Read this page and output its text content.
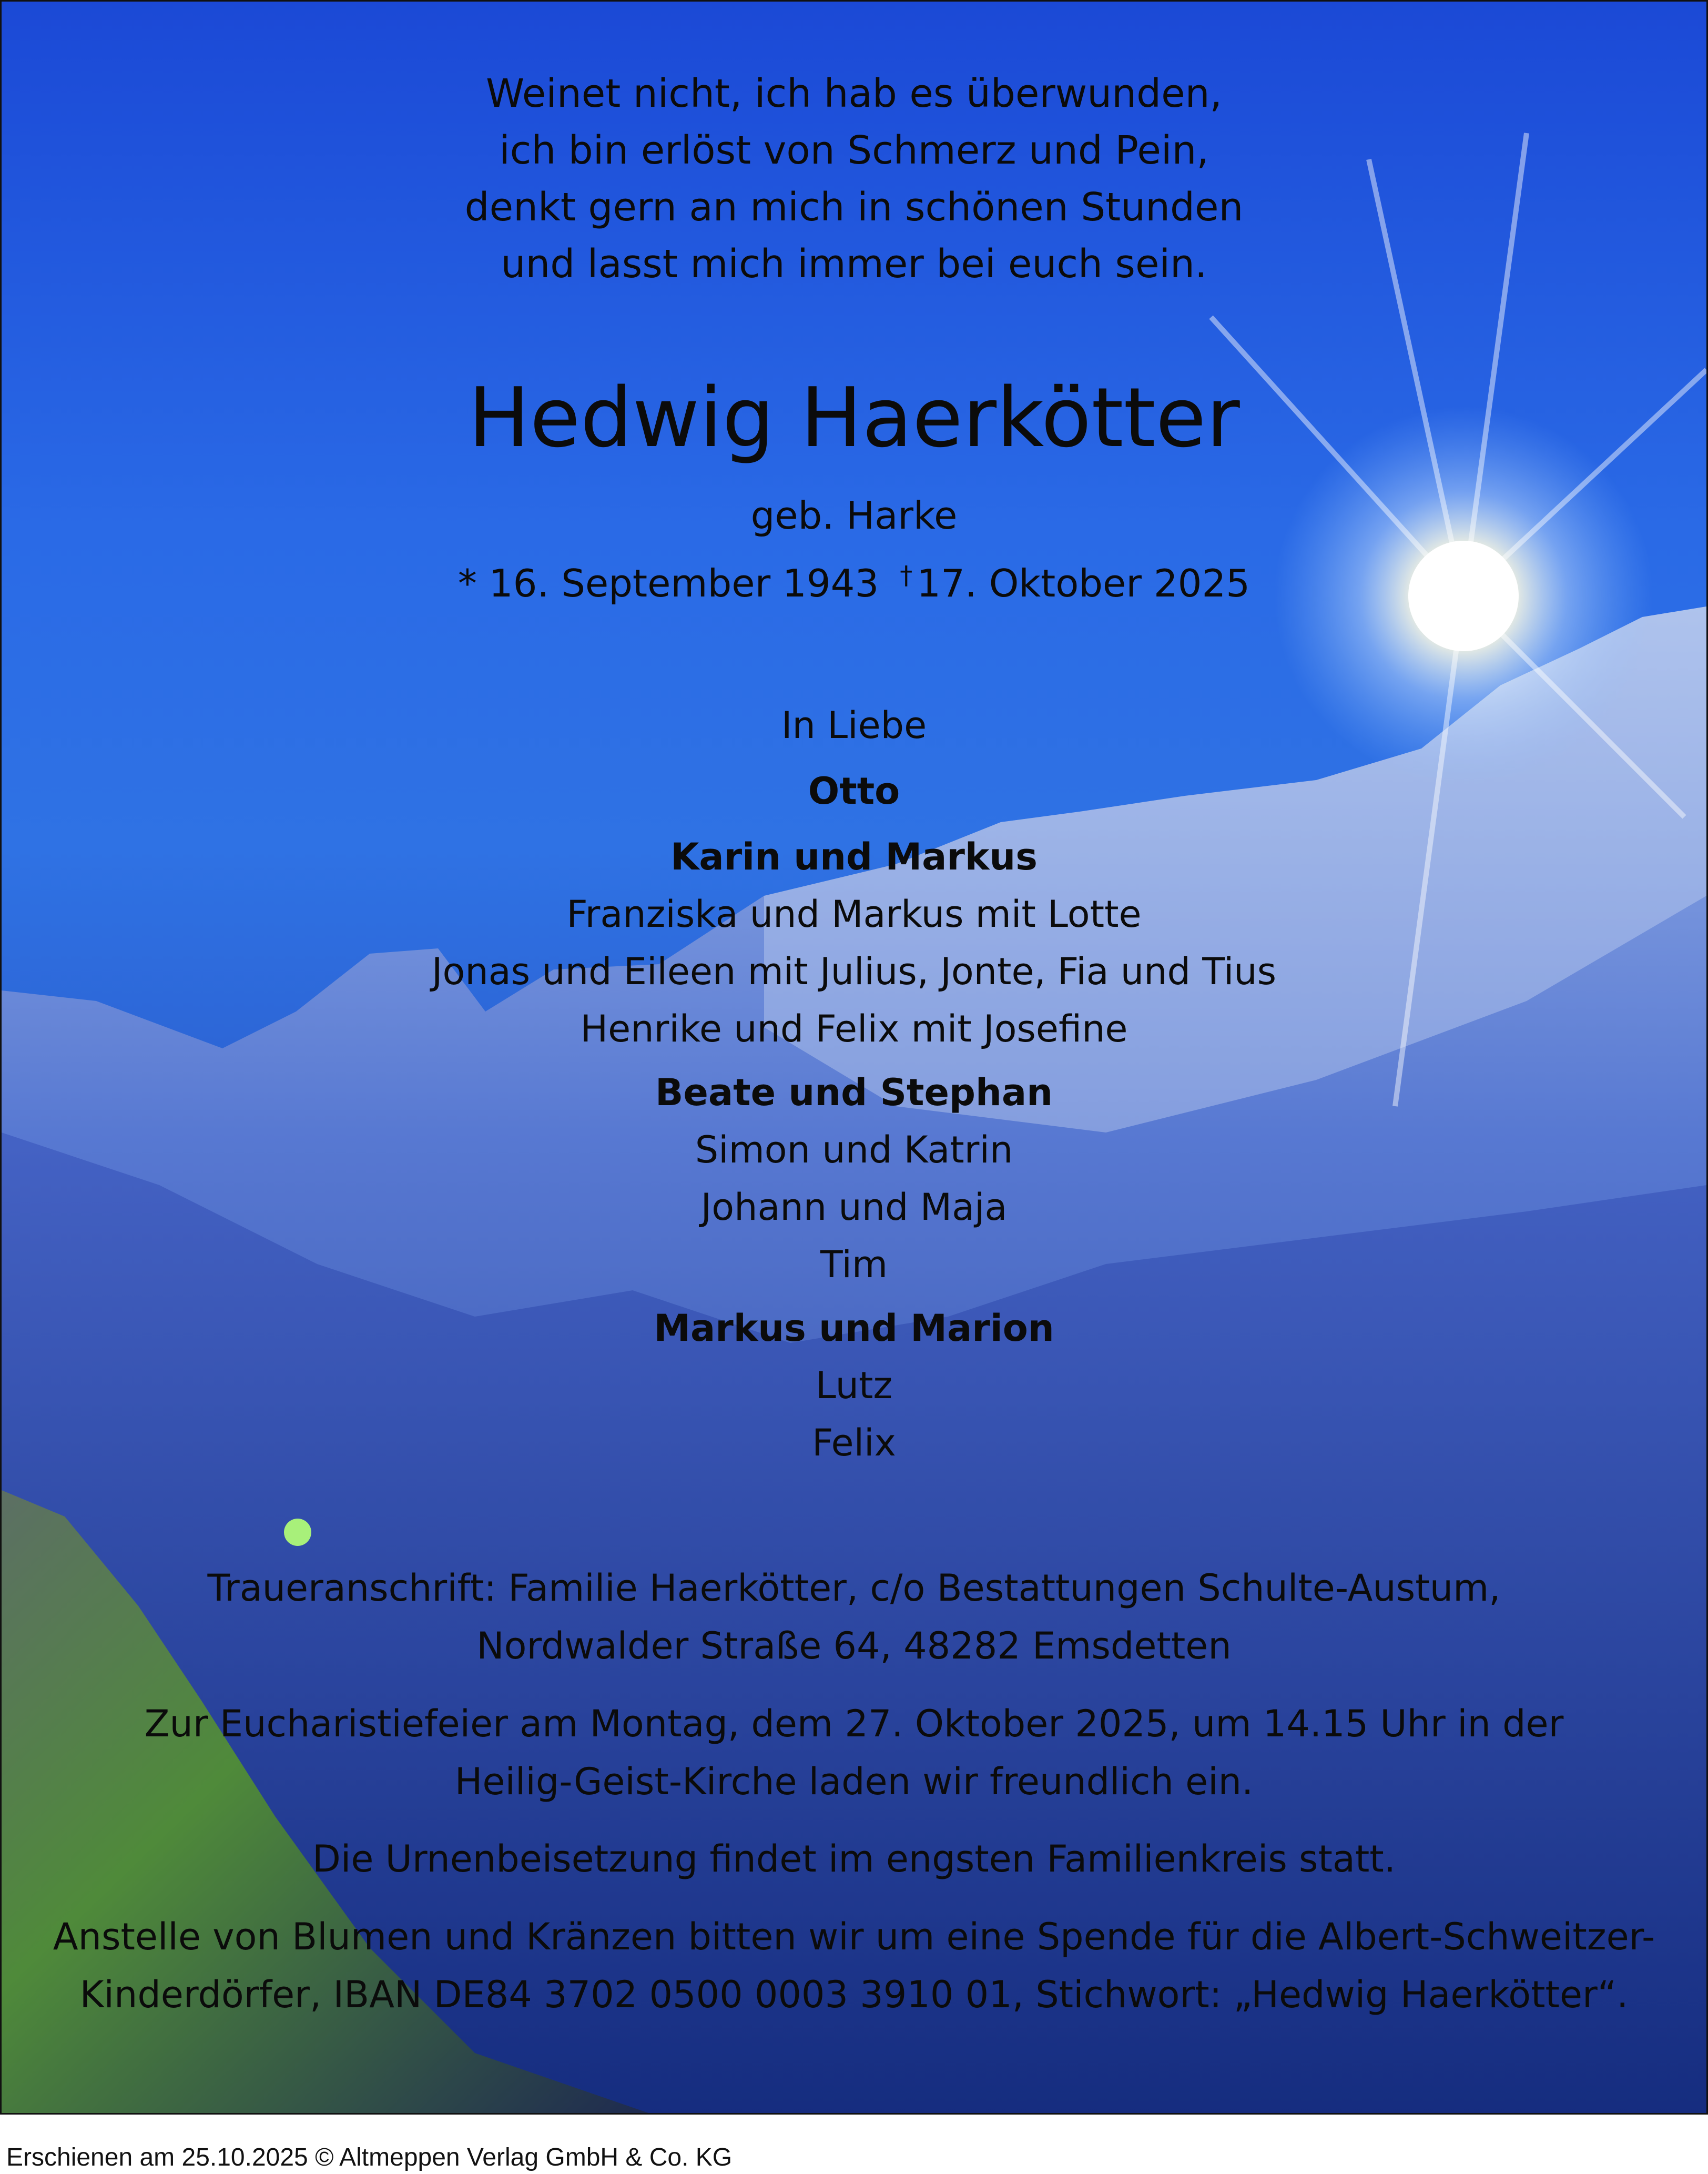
Weinet nicht, ich hab es überwunden,
ich bin erlöst von Schmerz und Pein,
denkt gern an mich in schönen Stunden
und lasst mich immer bei euch sein.
Hedwig Haerkötter
geb. Harke
* 16. September 1943 † 17. Oktober 2025
In Liebe
Otto
Karin und Markus
Franziska und Markus mit Lotte
Jonas und Eileen mit Julius, Jonte, Fia und Tius
Henrike und Felix mit Josefine
Beate und Stephan
Simon und Katrin
Johann und Maja
Tim
Markus und Marion
Lutz
Felix
Traueranschrift: Familie Haerkötter, c/o Bestattungen Schulte-Austum,
Nordwalder Straße 64, 48282 Emsdetten
Zur Eucharistiefeier am Montag, dem 27. Oktober 2025, um 14.15 Uhr in der
Heilig-Geist-Kirche laden wir freundlich ein.
Die Urnenbeisetzung findet im engsten Familienkreis statt.
Anstelle von Blumen und Kränzen bitten wir um eine Spende für die Albert-Schweitzer-
Kinderdörfer, IBAN DE84 3702 0500 0003 3910 01, Stichwort: „Hedwig Haerkötter“.
Erschienen am 25.10.2025 © Altmeppen Verlag GmbH & Co. KG
